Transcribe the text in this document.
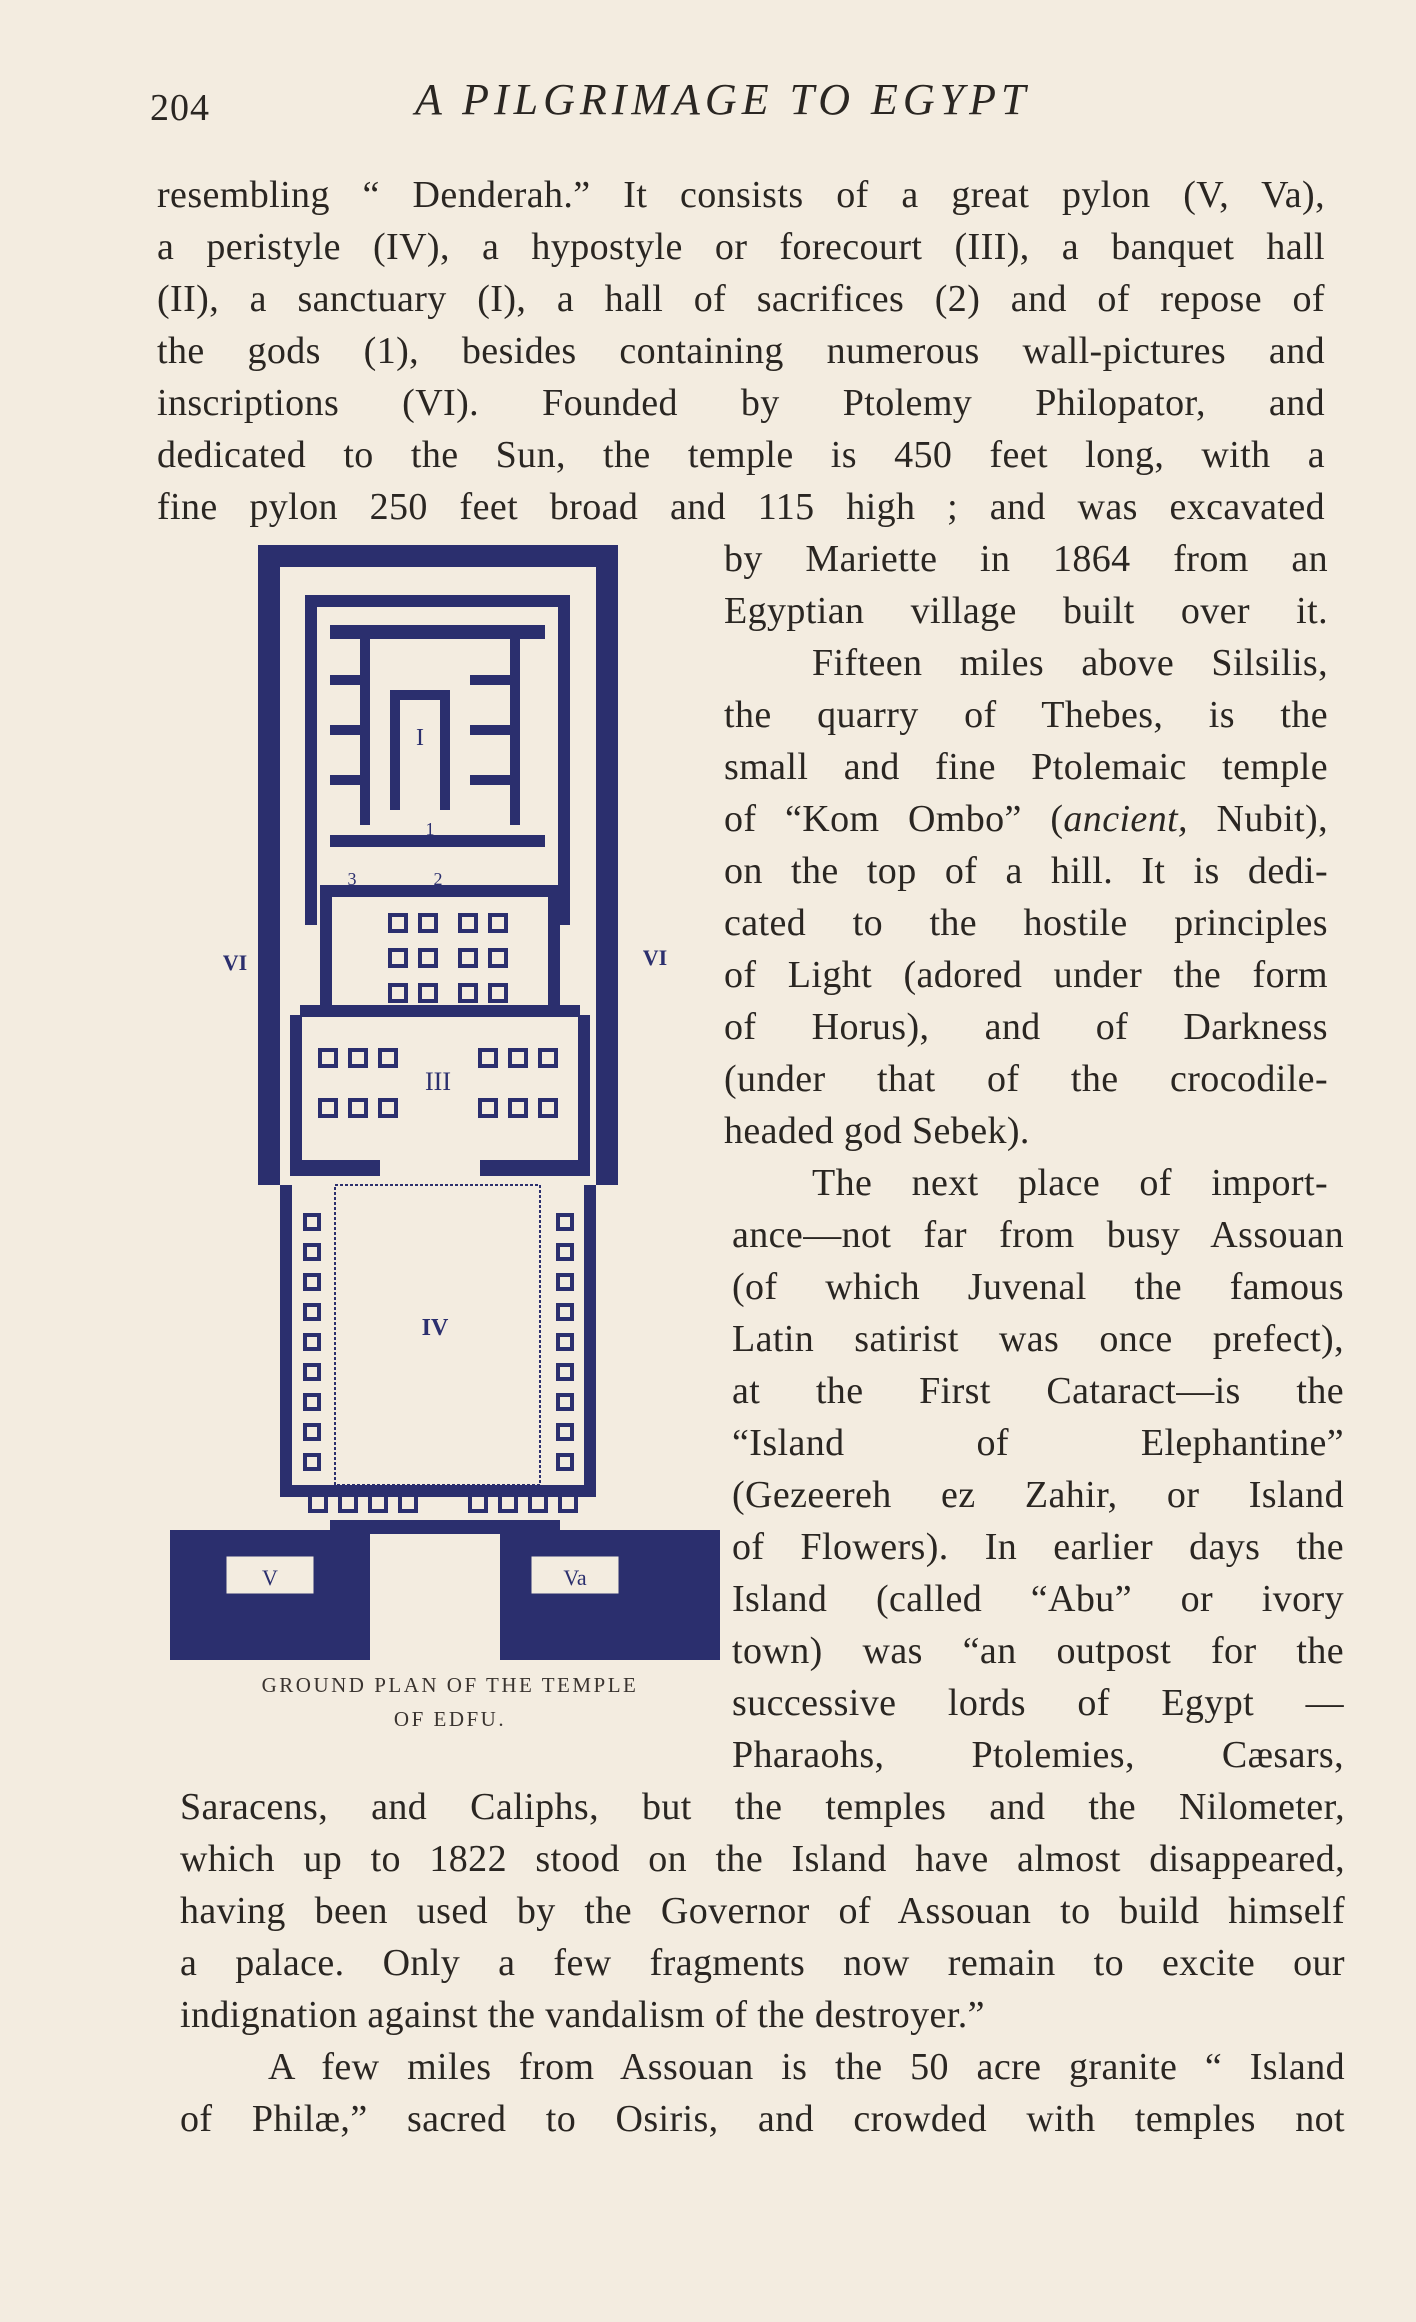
204	A PILGRIMAGE TO EGYPT
resembling “ Denderah.” It consists of a great pylon (V, Va),
a peristyle (IV), a hypostyle or forecourt (III), a banquet hall
(II), a sanctuary (I), a hall of sacrifices (2) and of repose of
the gods (1), besides containing numerous wall-pictures and
inscriptions (VI). Founded by Ptolemy Philopator, and
dedicated to the Sun, the temple is 450 feet long, with a
fine pylon 250 feet broad and 115 high ; and was excavated
by Mariette in 1864 from an
Egyptian village built over it.
Fifteen miles above Silsilis,
the quarry of Thebes, is the
small and fine Ptolemaic temple
of “Kom Ombo” (ancient, Nubit),
on the top of a hill. It is dedi-
cated to the hostile principles
of Light (adored under the form
of Horus), and of Darkness
(under that of the crocodile-
headed god Sebek).
The next place of import-
ance—not far from busy Assouan
(of which Juvenal the famous
Latin satirist was once prefect),
at the First Cataract—is the
“Island of Elephantine”
(Gezeereh ez Zahir, or Island
of Flowers). In earlier days the
Island (called “Abu” or ivory
town) was “an outpost for the
successive lords of Egypt —
Pharaohs, Ptolemies, Cæsars,
Saracens, and Caliphs, but the temples and the Nilometer,
which up to 1822 stood on the Island have almost disappeared,
having been used by the Governor of Assouan to build himself
a palace. Only a few fragments now remain to excite our
indignation against the vandalism of the destroyer.”
A few miles from Assouan is the 50 acre granite “ Island
of Philæ,” sacred to Osiris, and crowded with temples not
I
1
2
3
III
IV
V	Va
VI	VI
GROUND PLAN OF THE TEMPLE
OF EDFU.
